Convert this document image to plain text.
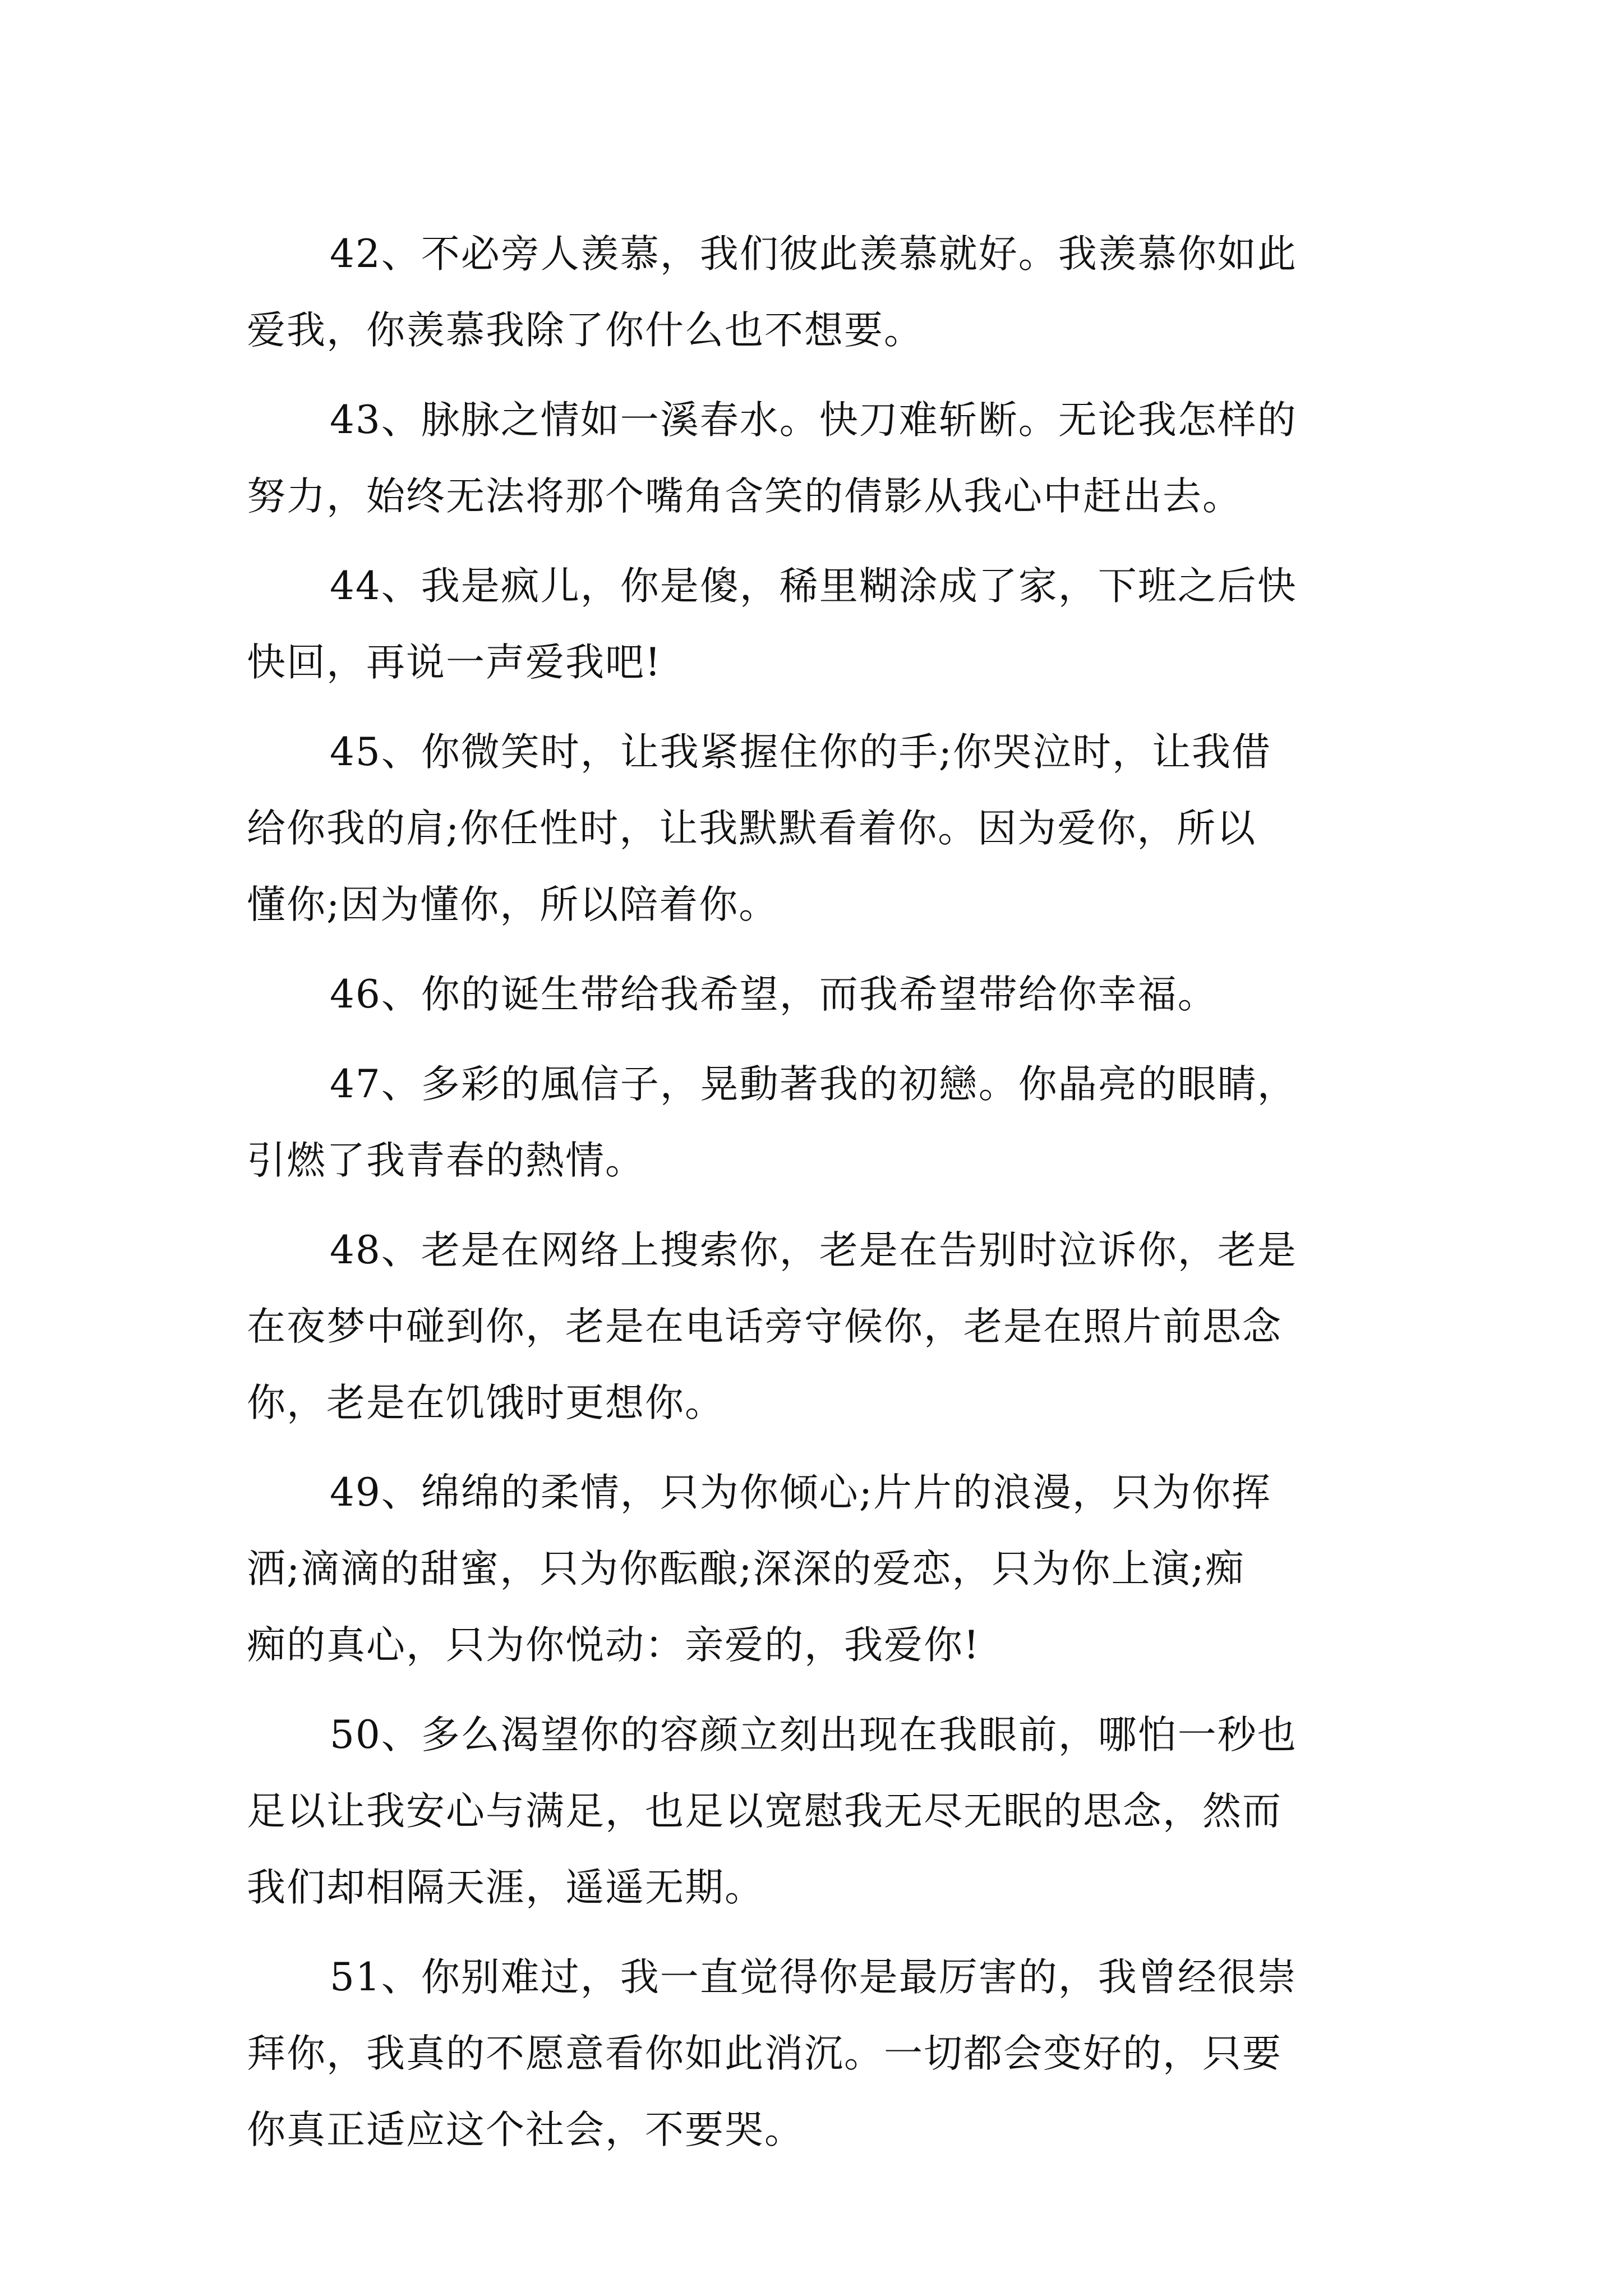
42、不必旁人羡慕，我们彼此羡慕就好。我羡慕你如此
爱我，你羡慕我除了你什么也不想要。

43、脉脉之情如一溪春水。快刀难斩断。无论我怎样的
努力，始终无法将那个嘴角含笑的倩影从我心中赶出去。

44、我是疯儿，你是傻，稀里糊涂成了家，下班之后快
快回，再说一声爱我吧!

45、你微笑时，让我紧握住你的手;你哭泣时，让我借
给你我的肩;你任性时，让我默默看着你。因为爱你，所以
懂你;因为懂你，所以陪着你。

46、你的诞生带给我希望，而我希望带给你幸福。

47、多彩的風信子，晃動著我的初戀。你晶亮的眼睛，
引燃了我青春的熱情。

48、老是在网络上搜索你，老是在告别时泣诉你，老是
在夜梦中碰到你，老是在电话旁守候你，老是在照片前思念
你，老是在饥饿时更想你。

49、绵绵的柔情，只为你倾心;片片的浪漫，只为你挥
洒;滴滴的甜蜜，只为你酝酿;深深的爱恋，只为你上演;痴
痴的真心，只为你悦动：亲爱的，我爱你!

50、多么渴望你的容颜立刻出现在我眼前，哪怕一秒也
足以让我安心与满足，也足以宽慰我无尽无眠的思念，然而
我们却相隔天涯，遥遥无期。

51、你别难过，我一直觉得你是最厉害的，我曾经很崇
拜你，我真的不愿意看你如此消沉。一切都会变好的，只要
你真正适应这个社会，不要哭。
